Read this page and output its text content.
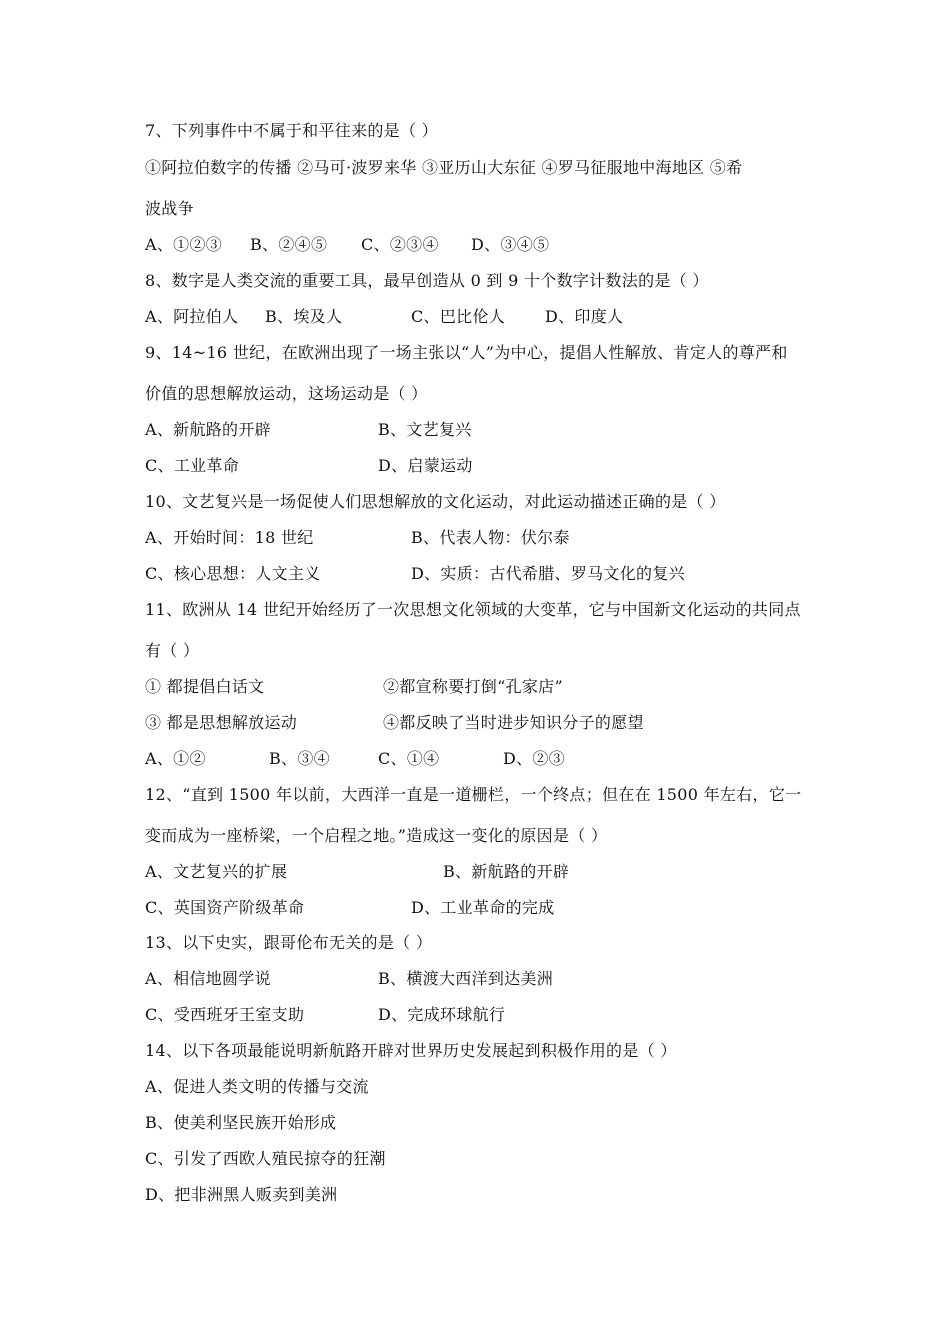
7、下列事件中不属于和平往来的是（ ）
①阿拉伯数字的传播 ②马可·波罗来华 ③亚历山大东征 ④罗马征服地中海地区 ⑤希
波战争
A、①②③ B、②④⑤ C、②③④ D、③④⑤
8、数字是人类交流的重要工具，最早创造从 0 到 9 十个数字计数法的是（ ）
A、阿拉伯人 B、埃及人	C、巴比伦人 D、印度人
9、14~16 世纪，在欧洲出现了一场主张以“人”为中心，提倡人性解放、肯定人的尊严和
价值的思想解放运动，这场运动是（ ）
A、新航路的开辟	B、文艺复兴
C、工业革命	D、启蒙运动
10、文艺复兴是一场促使人们思想解放的文化运动，对此运动描述正确的是（ ）
A、开始时间：18 世纪	B、代表人物：伏尔泰
C、核心思想：人文主义	D、实质：古代希腊、罗马文化的复兴
11、欧洲从 14 世纪开始经历了一次思想文化领域的大变革，它与中国新文化运动的共同点
有（ ）
① 都提倡白话文	②都宣称要打倒“孔家店”
③ 都是思想解放运动	④都反映了当时进步知识分子的愿望
A、①②	B、③④	C、①④	D、②③
12、“直到 1500 年以前，大西洋一直是一道栅栏，一个终点；但在在 1500 年左右，它一
变而成为一座桥梁，一个启程之地。”造成这一变化的原因是（ ）
A、文艺复兴的扩展	B、新航路的开辟
C、英国资产阶级革命	D、工业革命的完成
13、以下史实，跟哥伦布无关的是（ ）
A、相信地圆学说	B、横渡大西洋到达美洲
C、受西班牙王室支助	D、完成环球航行
14、以下各项最能说明新航路开辟对世界历史发展起到积极作用的是（ ）
A、促进人类文明的传播与交流
B、使美利坚民族开始形成
C、引发了西欧人殖民掠夺的狂潮
D、把非洲黑人贩卖到美洲
